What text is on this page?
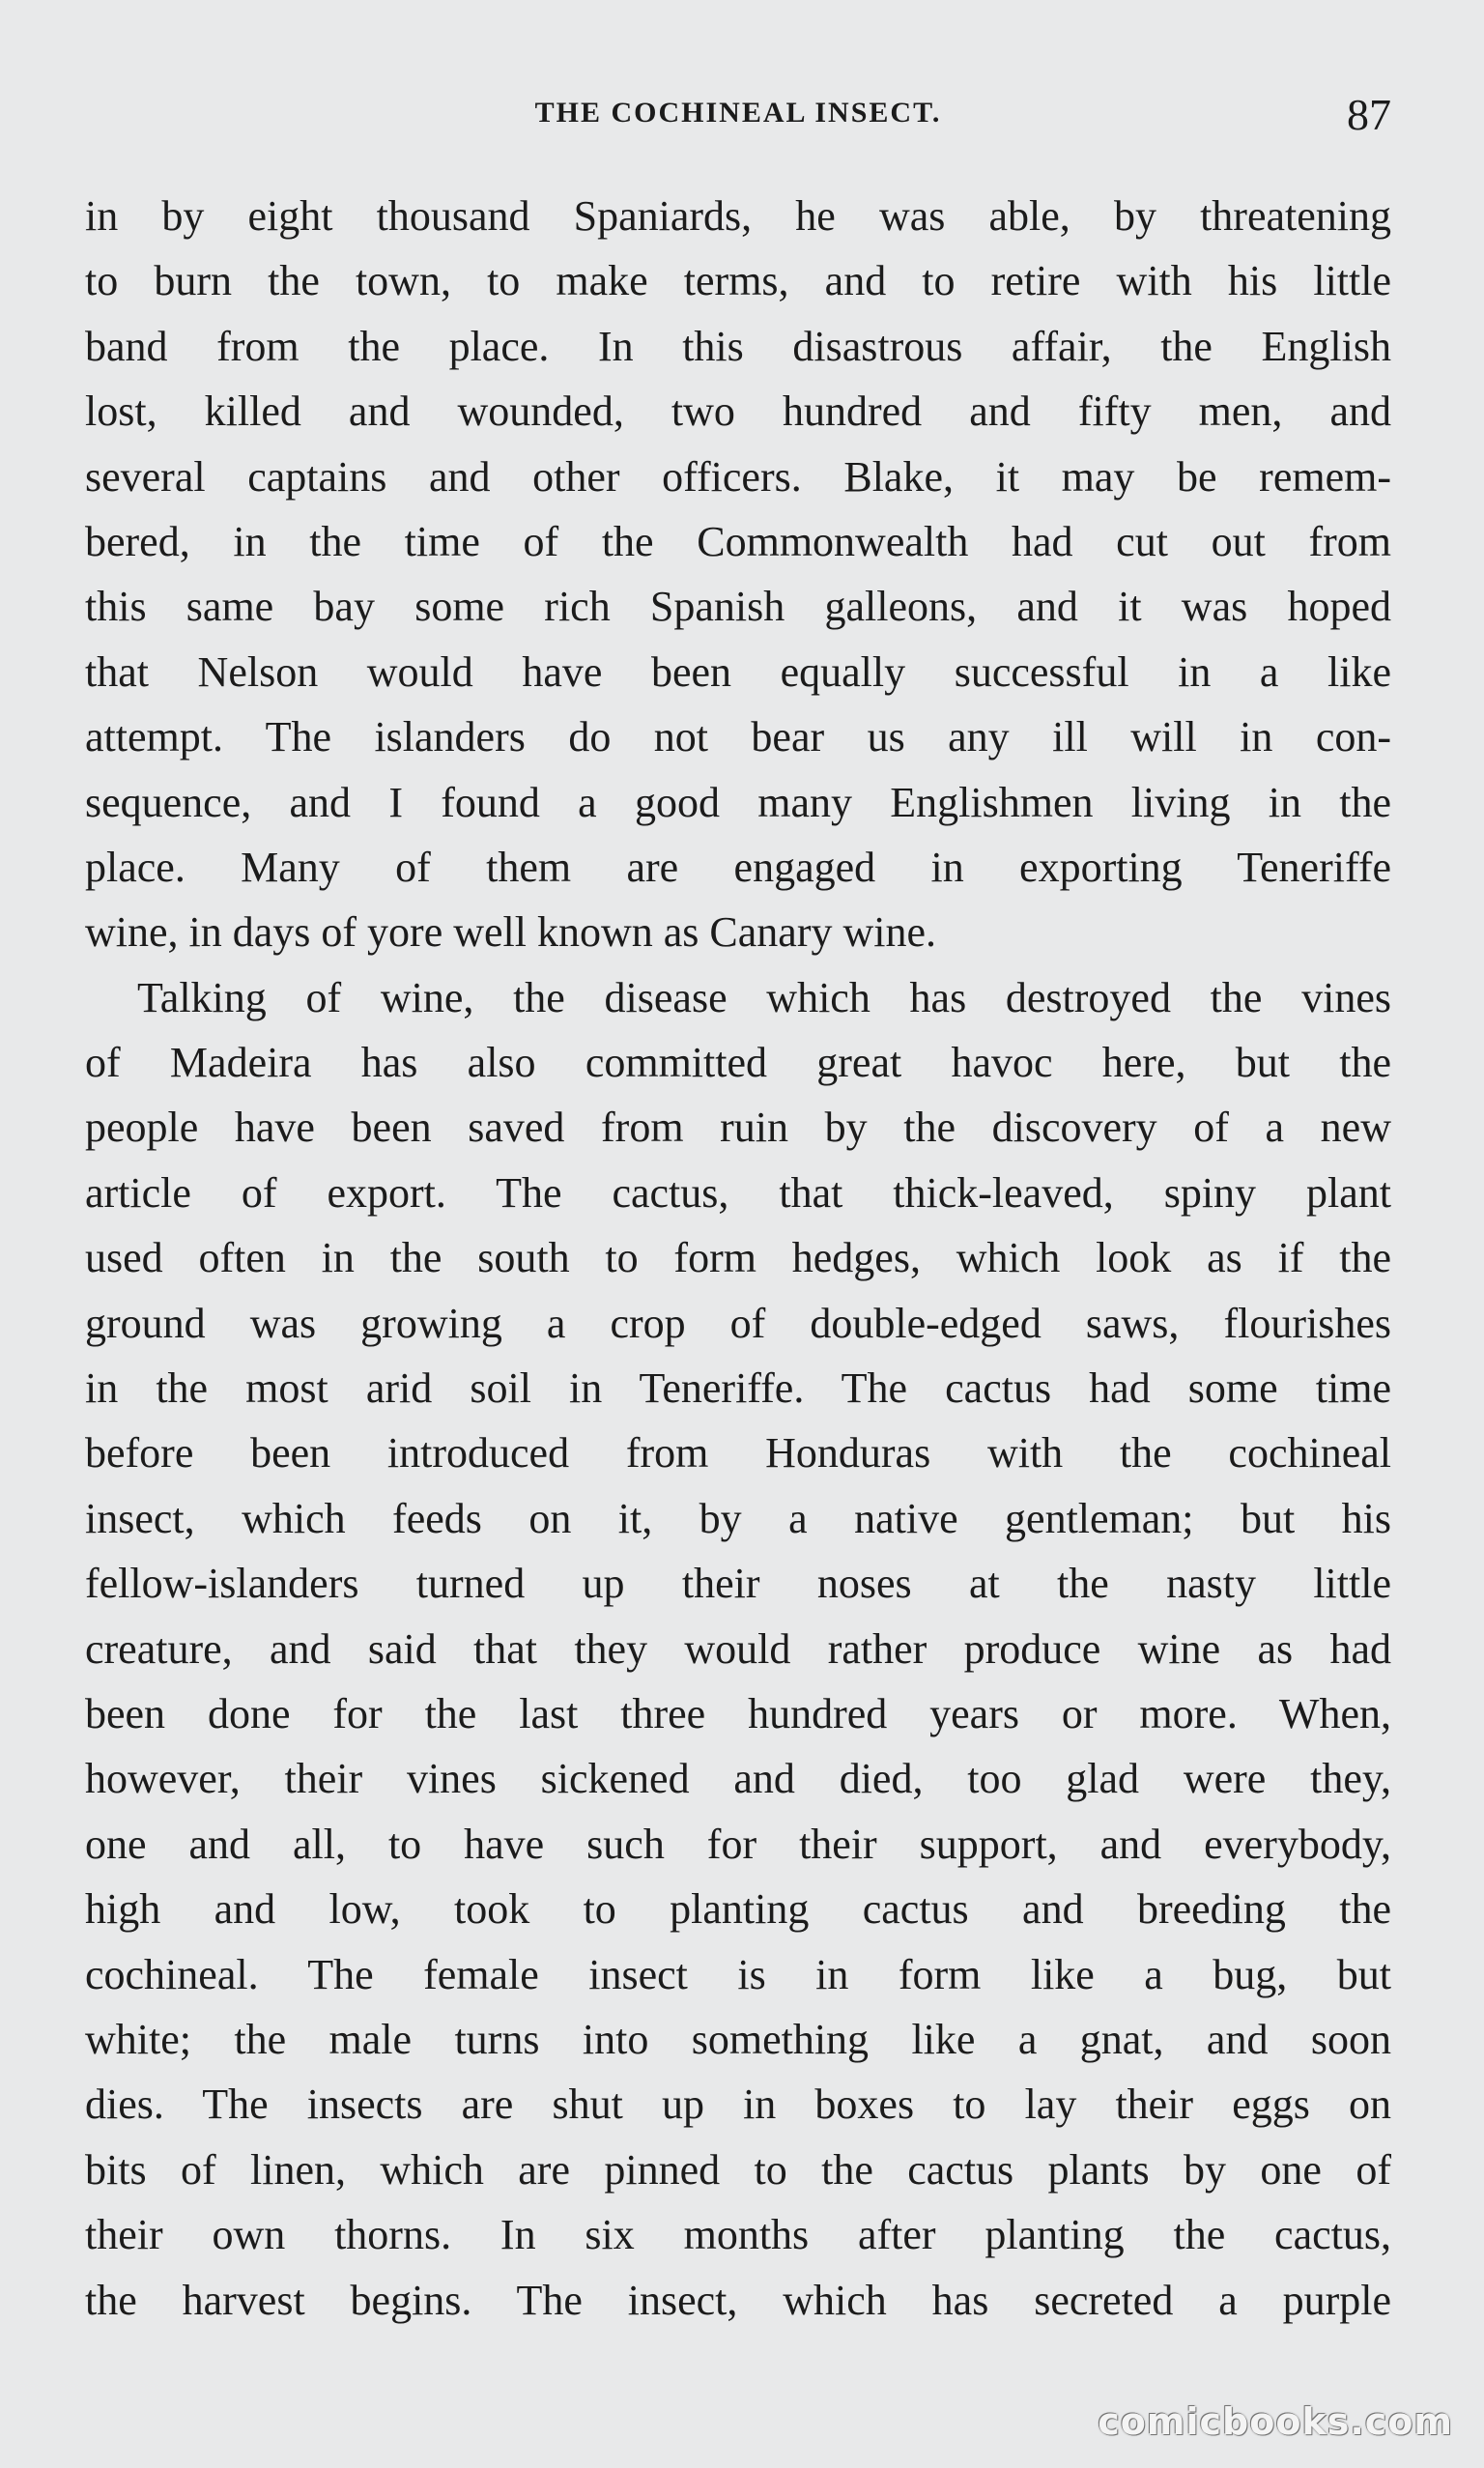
THE COCHINEAL INSECT.	87
in by eight thousand Spaniards, he was able, by threatening
to burn the town, to make terms, and to retire with his little
band from the place. In this disastrous affair, the English
lost, killed and wounded, two hundred and fifty men, and
several captains and other officers. Blake, it may be remem-
bered, in the time of the Commonwealth had cut out from
this same bay some rich Spanish galleons, and it was hoped
that Nelson would have been equally successful in a like
attempt. The islanders do not bear us any ill will in con-
sequence, and I found a good many Englishmen living in the
place. Many of them are engaged in exporting Teneriffe
wine, in days of yore well known as Canary wine.
Talking of wine, the disease which has destroyed the vines
of Madeira has also committed great havoc here, but the
people have been saved from ruin by the discovery of a new
article of export. The cactus, that thick-leaved, spiny plant
used often in the south to form hedges, which look as if the
ground was growing a crop of double-edged saws, flourishes
in the most arid soil in Teneriffe. The cactus had some time
before been introduced from Honduras with the cochineal
insect, which feeds on it, by a native gentleman; but his
fellow-islanders turned up their noses at the nasty little
creature, and said that they would rather produce wine as had
been done for the last three hundred years or more. When,
however, their vines sickened and died, too glad were they,
one and all, to have such for their support, and everybody,
high and low, took to planting cactus and breeding the
cochineal. The female insect is in form like a bug, but
white; the male turns into something like a gnat, and soon
dies. The insects are shut up in boxes to lay their eggs on
bits of linen, which are pinned to the cactus plants by one of
their own thorns. In six months after planting the cactus,
the harvest begins. The insect, which has secreted a purple
comicbooks.com
